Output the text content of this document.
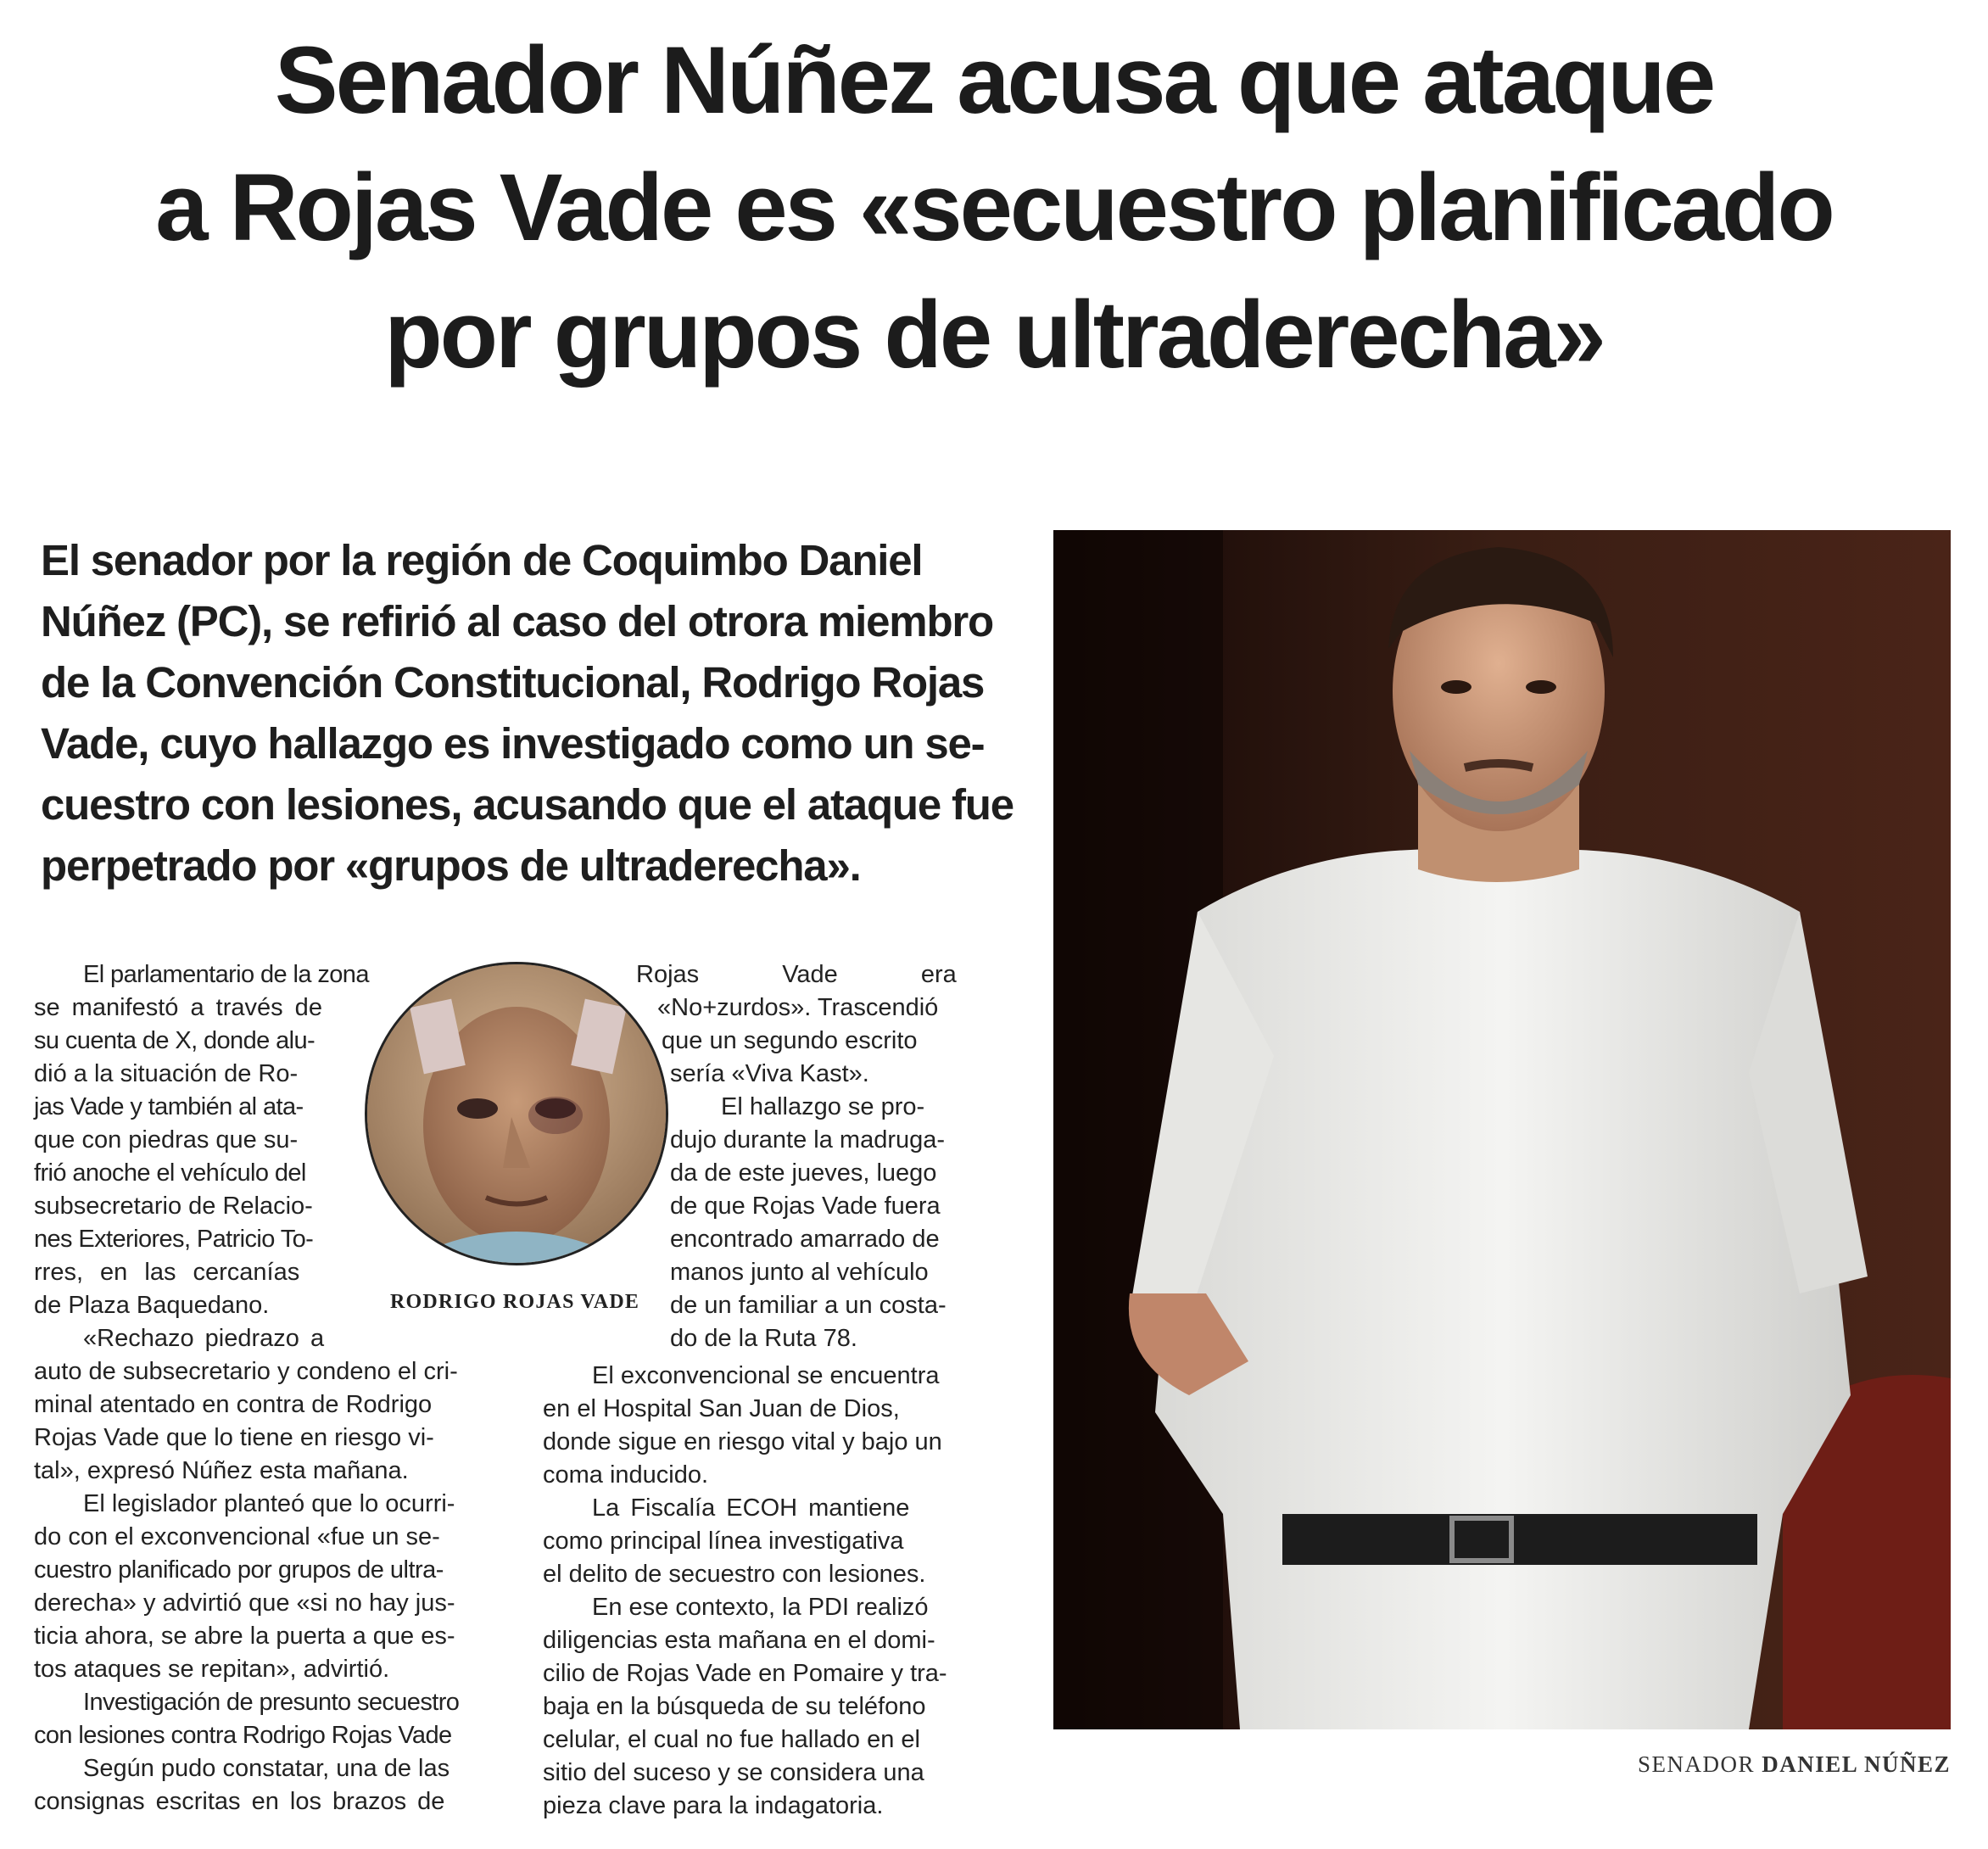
Senador Núñez acusa que ataque
a Rojas Vade es «secuestro planificado
por grupos de ultraderecha»
El senador por la región de Coquimbo Daniel
Núñez (PC), se refirió al caso del otrora miembro
de la Convención Constitucional, Rodrigo Rojas
Vade, cuyo hallazgo es investigado como un se-
cuestro con lesiones, acusando que el ataque fue
perpetrado por «grupos de ultraderecha».
El parlamentario de la zona
se manifestó a través de
su cuenta de X, donde alu-
dió a la situación de Ro-
jas Vade y también al ata-
que con piedras que su-
frió anoche el vehículo del
subsecretario de Relacio-
nes Exteriores, Patricio To-
rres, en las cercanías
de Plaza Baquedano.
«Rechazo piedrazo a
auto de subsecretario y condeno el cri-
minal atentado en contra de Rodrigo
Rojas Vade que lo tiene en riesgo vi-
tal», expresó Núñez esta mañana.
El legislador planteó que lo ocurri-
do con el exconvencional «fue un se-
cuestro planificado por grupos de ultra-
derecha» y advirtió que «si no hay jus-
ticia ahora, se abre la puerta a que es-
tos ataques se repitan», advirtió.
Investigación de presunto secuestro
con lesiones contra Rodrigo Rojas Vade
Según pudo constatar, una de las
consignas escritas en los brazos de
Rojas Vade era
«No+zurdos». Trascendió
que un segundo escrito
sería «Viva Kast».
El hallazgo se pro-
dujo durante la madruga-
da de este jueves, luego
de que Rojas Vade fuera
encontrado amarrado de
manos junto al vehículo
de un familiar a un costa-
do de la Ruta 78.
El exconvencional se encuentra
en el Hospital San Juan de Dios,
donde sigue en riesgo vital y bajo un
coma inducido.
La Fiscalía ECOH mantiene
como principal línea investigativa
el delito de secuestro con lesiones.
En ese contexto, la PDI realizó
diligencias esta mañana en el domi-
cilio de Rojas Vade en Pomaire y tra-
baja en la búsqueda de su teléfono
celular, el cual no fue hallado en el
sitio del suceso y se considera una
pieza clave para la indagatoria.
RODRIGO ROJAS VADE
SENADOR DANIEL NÚÑEZ
